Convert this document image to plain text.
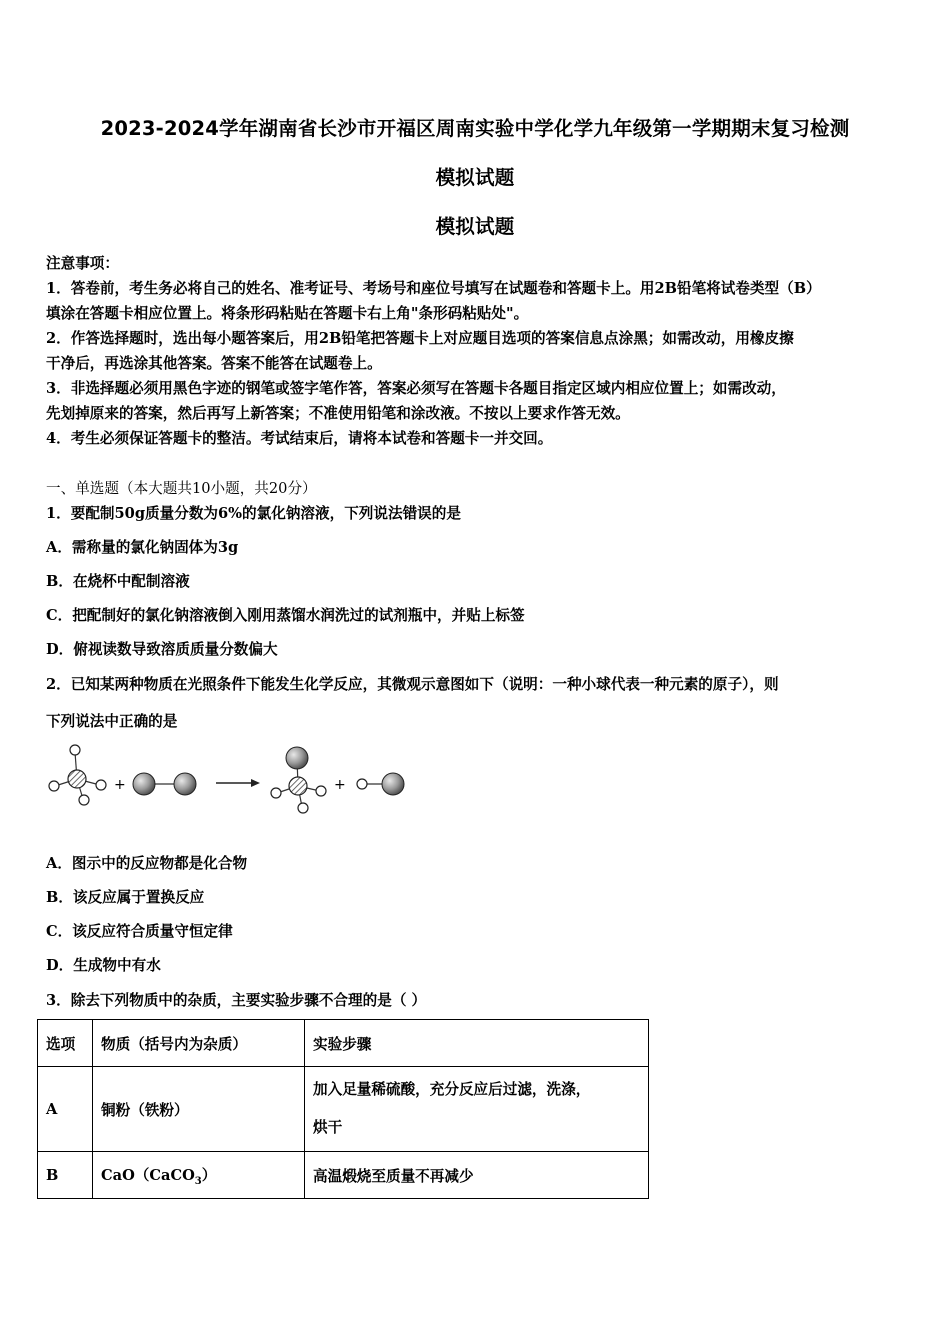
2023-2024学年湖南省长沙市开福区周南实验中学化学九年级第一学期期末复习检测
模拟试题
模拟试题
注意事项：
1．答卷前，考生务必将自己的姓名、准考证号、考场号和座位号填写在试题卷和答题卡上。用2B铅笔将试卷类型（B）
填涂在答题卡相应位置上。将条形码粘贴在答题卡右上角"条形码粘贴处"。
2．作答选择题时，选出每小题答案后，用2B铅笔把答题卡上对应题目选项的答案信息点涂黑；如需改动，用橡皮擦
干净后，再选涂其他答案。答案不能答在试题卷上。
3．非选择题必须用黑色字迹的钢笔或签字笔作答，答案必须写在答题卡各题目指定区域内相应位置上；如需改动，
先划掉原来的答案，然后再写上新答案；不准使用铅笔和涂改液。不按以上要求作答无效。
4．考生必须保证答题卡的整洁。考试结束后，请将本试卷和答题卡一并交回。
一、单选题（本大题共10小题，共20分）
1．要配制50g质量分数为6%的氯化钠溶液，下列说法错误的是
A．需称量的氯化钠固体为3g
B．在烧杯中配制溶液
C．把配制好的氯化钠溶液倒入刚用蒸馏水润洗过的试剂瓶中，并贴上标签
D．俯视读数导致溶质质量分数偏大
2．已知某两种物质在光照条件下能发生化学反应，其微观示意图如下（说明：一种小球代表一种元素的原子），则
下列说法中正确的是
+	+
A．图示中的反应物都是化合物
B．该反应属于置换反应
C．该反应符合质量守恒定律
D．生成物中有水
3．除去下列物质中的杂质，主要实验步骤不合理的是（ ）
选项	物质（括号内为杂质）	实验步骤
A	铜粉（铁粉）	加入足量稀硫酸，充分反应后过滤，洗涤，
烘干

B	CaO（CaCO$_3$）	高温煅烧至质量不再减少
